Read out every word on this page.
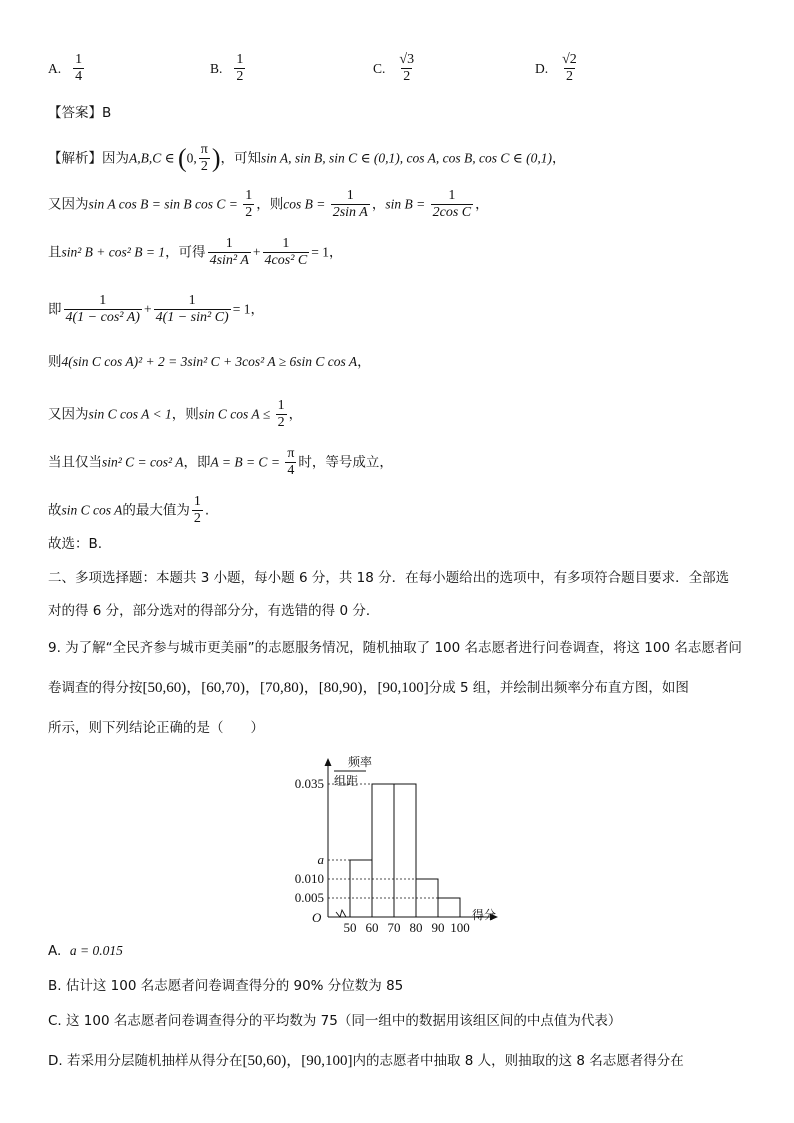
A. $\frac{1}{4}$	B. $\frac{1}{2}$	C. $\frac{√3}{2}$	D. $\frac{√2}{2}$
【答案】B
【解析】因为A,B,C ∈ (0, $\frac{\pi}{2}$ )，可知sin A, sin B, sin C ∈ (0,1), cos A, cos B, cos C ∈ (0,1)，
又因为sin A cos B = sin B $\cos C = \frac{1}{2}$ ，则$\cos B = \frac{1}{\text{2sin A}}$ ，$\sin B = \frac{1}{\text{2cos C}}$ ，
且sin² B + cos² B = 1，可得 $\frac{1}{\text{4sin² A}} + \frac{1}{\text{4cos² C}} = 1$，
即 $\frac{1}{\text{4(1 − cos² A)}} + \frac{1}{\text{4(1 − sin² C)}} = 1$，
则4(sin C cos A)² + 2 = 3sin² C + 3cos² A ≥ 6sin C cos A，
又因为sin C cos A < 1，则sin C $\cos A \le \frac{1}{2}$ ，
当且仅当sin² C = cos² A，即$A = B = C = \frac{\pi}{4}$ 时，等号成立，
故sin C cos A的最大值为 $\frac{1}{2}$ .
故选：B.
二、多项选择题：本题共 3 小题，每小题 6 分，共 18 分．在每小题给出的选项中，有多项符合题目要求．全部选
对的得 6 分，部分选对的得部分分，有选错的得 0 分．
9. 为了解“全民齐参与城市更美丽”的志愿服务情况，随机抽取了 100 名志愿者进行问卷调查，将这 100 名志愿者问
卷调查的得分按[50,60)，[60,70)，[70,80)，[80,90)，[90,100]分成 5 组，并绘制出频率分布直方图，如图
所示，则下列结论正确的是（　　）
频率
组距
O	得分
0.035
a
0.010
0.005
50 60 70 80 90 100
A. a = 0.015
B. 估计这 100 名志愿者问卷调查得分的 90% 分位数为 85
C. 这 100 名志愿者问卷调查得分的平均数为 75（同一组中的数据用该组区间的中点值为代表）
D. 若采用分层随机抽样从得分在[50,60)，[90,100]内的志愿者中抽取 8 人，则抽取的这 8 名志愿者得分在
